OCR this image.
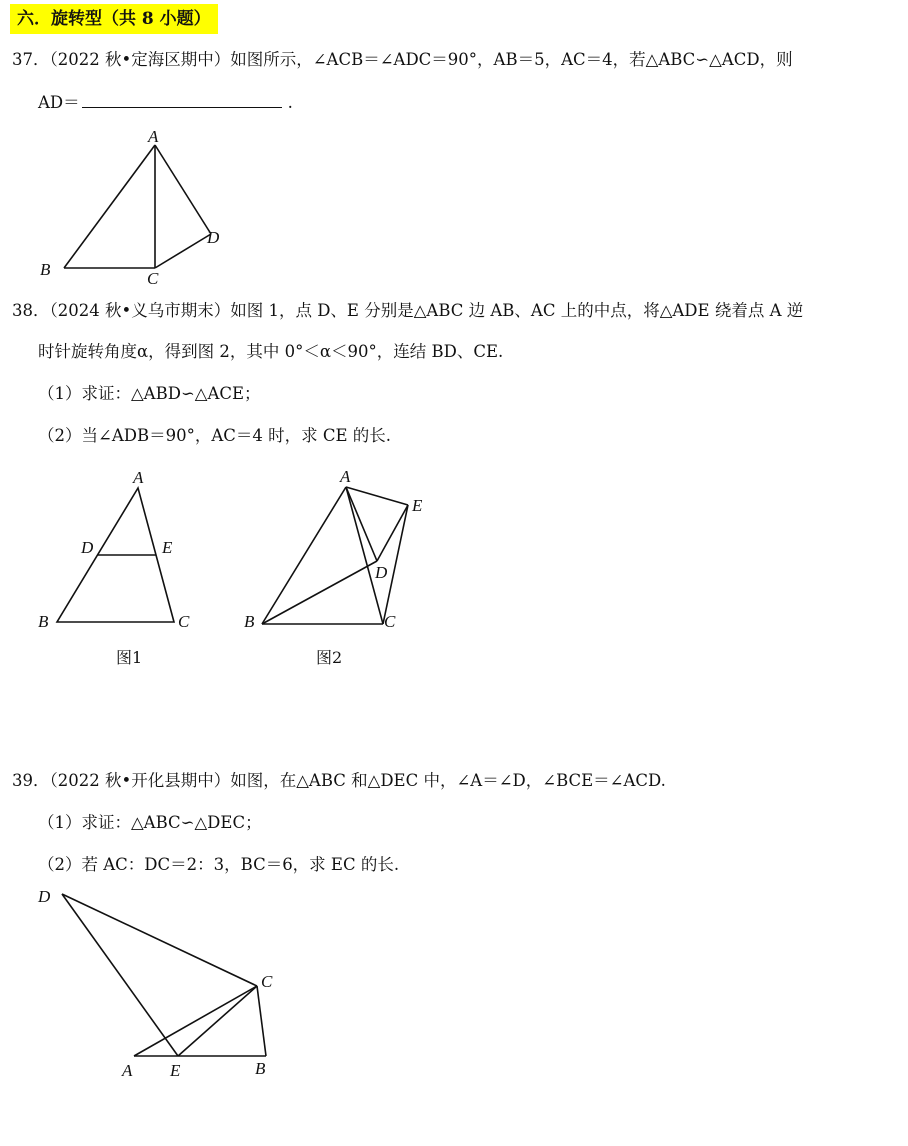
六．旋转型（共 8 小题）
37．（2022 秋•定海区期中）如图所示，∠ACB＝∠ADC＝90°，AB＝5，AC＝4，若△ABC∽△ACD，则
AD＝	.
A
B	C
D
38．（2024 秋•义乌市期末）如图 1，点 D、E 分别是△ABC 边 AB、AC 上的中点，将△ADE 绕着点 A 逆
时针旋转角度α，得到图 2，其中 0°＜α＜90°，连结 BD、CE.
（1）求证：△ABD∽△ACE；
（2）当∠ADB＝90°，AC＝4 时，求 CE 的长.
A
D	E
B	C
图1
A
E
D
B	C
图2
39．（2022 秋•开化县期中）如图，在△ABC 和△DEC 中，∠A＝∠D，∠BCE＝∠ACD.
（1）求证：△ABC∽△DEC；
（2）若 AC：DC＝2：3，BC＝6，求 EC 的长.
D
C
A E	B
